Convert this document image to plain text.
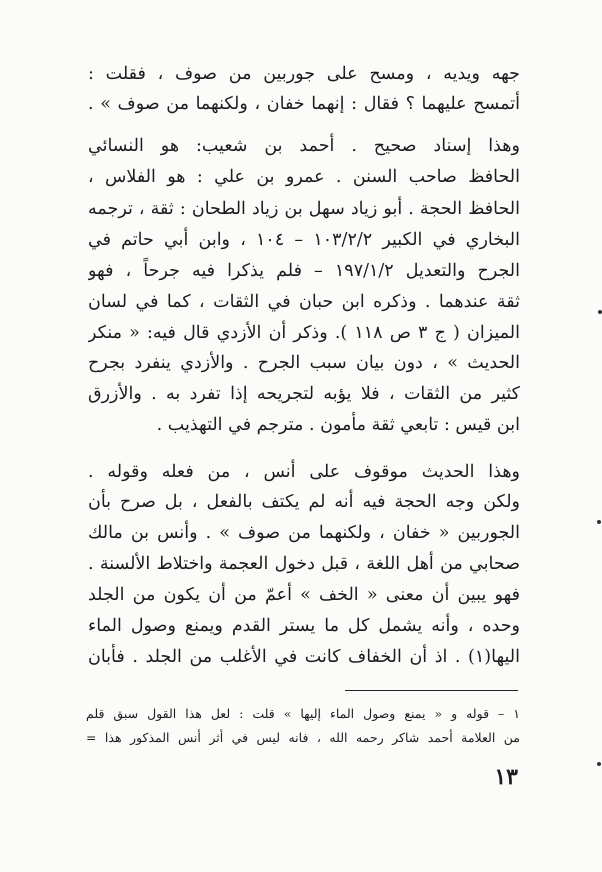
جهه ويديه ، ومسح على جوربين من صوف ، فقلت :
أتمسح عليهما ؟ فقال : إنهما خفان ، ولكنهما من صوف » .
وهذا إسناد صحيح . أحمد بن شعيب: هو النسائي
الحافظ صاحب السنن . عمرو بن علي : هو الفلاس ،
الحافظ الحجة . أبو زياد سهل بن زياد الطحان : ثقة ، ترجمه
البخاري في الكبير ١٠٣/٢/٢ – ١٠٤ ، وابن أبي حاتم في
الجرح والتعديل ١٩٧/١/٢ – فلم يذكرا فيه جرحاً ، فهو
ثقة عندهما . وذكره ابن حبان في الثقات ، كما في لسان
الميزان ( ج ٣ ص ١١٨ ). وذكر أن الأزدي قال فيه: « منكر
الحديث » ، دون بيان سبب الجرح . والأزدي ينفرد بجرح
كثير من الثقات ، فلا يؤبه لتجريحه إذا تفرد به . والأزرق
ابن قيس : تابعي ثقة مأمون . مترجم في التهذيب .
وهذا الحديث موقوف على أنس ، من فعله وقوله .
ولكن وجه الحجة فيه أنه لم يكتف بالفعل ، بل صرح بأن
الجوربين « خفان ، ولكنهما من صوف » . وأنس بن مالك
صحابي من أهل اللغة ، قبل دخول العجمة واختلاط الألسنة .
فهو يبين أن معنى « الخف » أعمّ من أن يكون من الجلد
وحده ، وأنه يشمل كل ما يستر القدم ويمنع وصول الماء
اليها(١) . اذ أن الخفاف كانت في الأغلب من الجلد . فأبان
١ – قوله و « يمنع وصول الماء إليها » قلت : لعل هذا القول سبق قلم
من العلامة أحمد شاكر رحمه الله ، فانه ليس في أثر أنس المذكور هذا =
١٣
